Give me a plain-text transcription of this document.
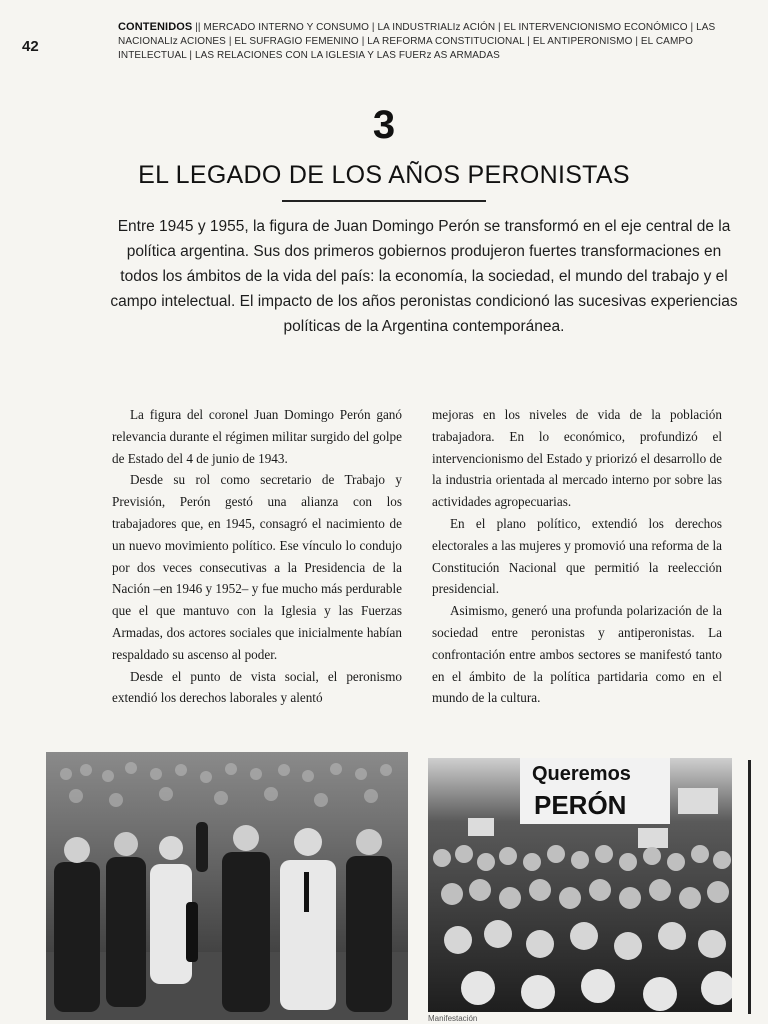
42
CONTENIDOS || MERCADO INTERNO Y CONSUMO | LA INDUSTRIALIz ACIÓN | EL INTERVENCIONISMO ECONÓMICO | LAS NACIONALIz ACIONES | EL SUFRAGIO FEMENINO | LA REFORMA CONSTITUCIONAL | EL ANTIPERONISMO | EL CAMPO INTELECTUAL | LAS RELACIONES CON LA IGLESIA Y LAS FUERz AS ARMADAS
3
EL LEGADO DE LOS AÑOS PERONISTAS
Entre 1945 y 1955, la figura de Juan Domingo Perón se transformó en el eje central de la política argentina. Sus dos primeros gobiernos produjeron fuertes transformaciones en todos los ámbitos de la vida del país: la economía, la sociedad, el mundo del trabajo y el campo intelectual. El impacto de los años peronistas condicionó las sucesivas experiencias políticas de la Argentina contemporánea.

La figura del coronel Juan Domingo Perón ganó relevancia durante el régimen militar surgido del golpe de Estado del 4 de junio de 1943.

Desde su rol como secretario de Trabajo y Previsión, Perón gestó una alianza con los trabajadores que, en 1945, consagró el nacimiento de un nuevo movimiento político. Ese vínculo lo condujo por dos veces consecutivas a la Presidencia de la Nación –en 1946 y 1952– y fue mucho más perdurable que el que mantuvo con la Iglesia y las Fuerzas Armadas, dos actores sociales que inicialmente habían respaldado su ascenso al poder.

Desde el punto de vista social, el peronismo extendió los derechos laborales y alentó

mejoras en los niveles de vida de la población trabajadora. En lo económico, profundizó el intervencionismo del Estado y priorizó el desarrollo de la industria orientada al mercado interno por sobre las actividades agropecuarias.

En el plano político, extendió los derechos electorales a las mujeres y promovió una reforma de la Constitución Nacional que permitió la reelección presidencial.

Asimismo, generó una profunda polarización de la sociedad entre peronistas y antiperonistas. La confrontación entre ambos sectores se manifestó tanto en el ámbito de la política partidaria como en el mundo de la cultura.

Queremos
PERÓN
Manifestación
